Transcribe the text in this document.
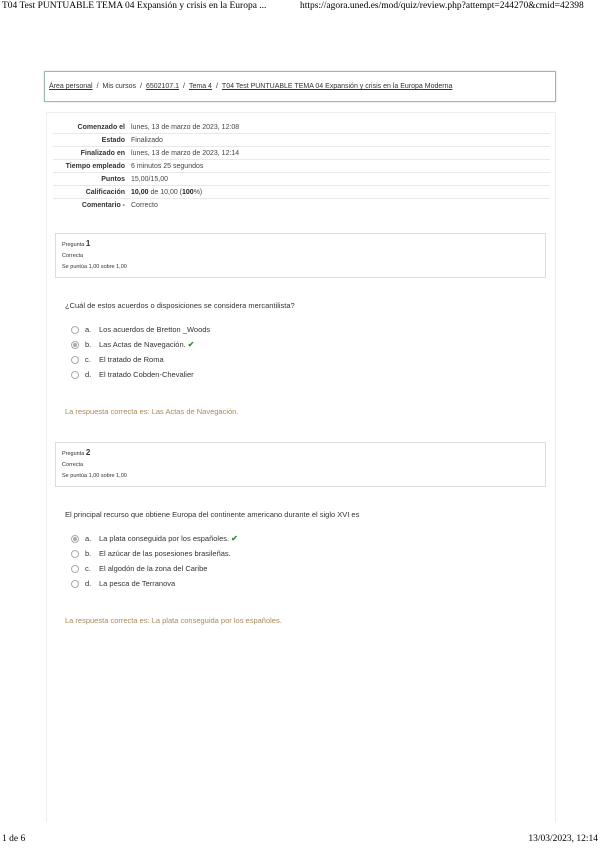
T04 Test PUNTUABLE TEMA 04 Expansión y crisis en la Europa ...	https://agora.uned.es/mod/quiz/review.php?attempt=244270&cmid=42398
Área personal / Mis cursos / 6502107.1 / Tema 4 / T04 Test PUNTUABLE TEMA 04 Expansión y crisis en la Europa Moderna
Comenzado el lunes, 13 de marzo de 2023, 12:08
Estado Finalizado
Finalizado en lunes, 13 de marzo de 2023, 12:14
Tiempo empleado 6 minutos 25 segundos
Puntos 15,00/15,00
Calificación 10,00 de 10,00 (100%)
Comentario - Correcto
Pregunta 1
Correcta
Se puntúa 1,00 sobre 1,00
¿Cuál de estos acuerdos o disposiciones se considera mercantilista?
a.	Los acuerdos de Bretton _Woods
b.	Las Actas de Navegación. ✔
c.	El tratado de Roma
d.	El tratado Cobden-Chevalier
La respuesta correcta es: Las Actas de Navegación.
Pregunta 2
Correcta
Se puntúa 1,00 sobre 1,00
El principal recurso que obtiene Europa del continente americano durante el siglo XVI es
a.	La plata conseguida por los españoles. ✔
b.	El azúcar de las posesiones brasileñas.
c.	El algodón de la zona del Caribe
d.	La pesca de Terranova
La respuesta correcta es: La plata conseguida por los españoles.
1 de 6	13/03/2023, 12:14
